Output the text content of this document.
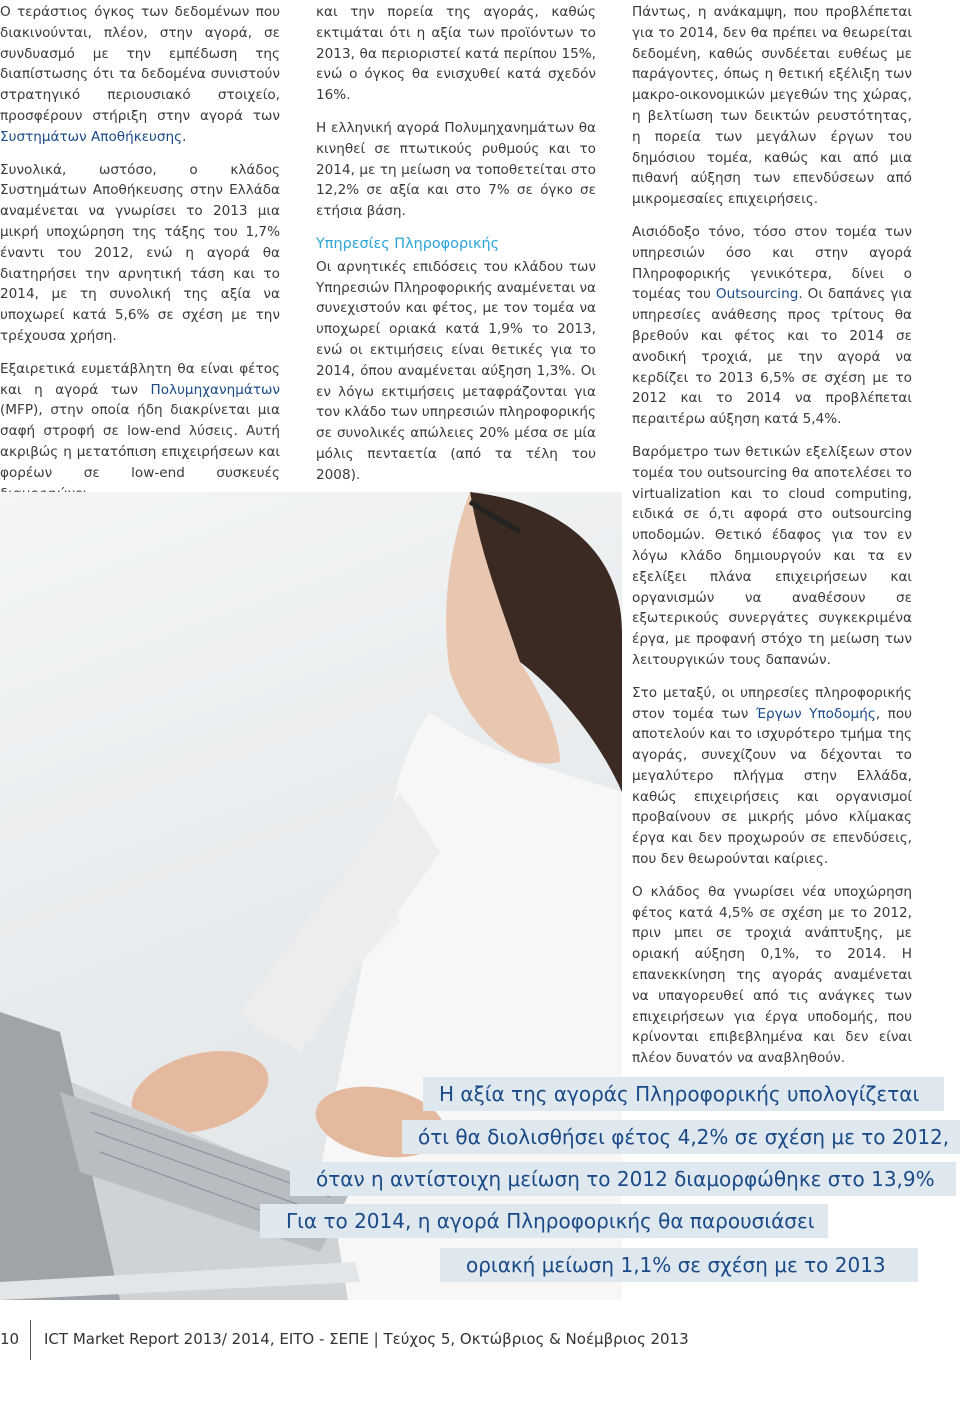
Ο τεράστιος όγκος των δεδομένων που διακινούνται, πλέον, στην αγορά, σε συνδυασμό με την εμπέδωση της διαπίστωσης ότι τα δεδομένα συνιστούν στρατηγικό περιουσιακό στοιχείο, προσφέρουν στήριξη στην αγορά των Συστημάτων Αποθήκευσης.

Συνολικά, ωστόσο, ο κλάδος Συστημάτων Αποθήκευσης στην Ελλάδα αναμένεται να γνωρίσει το 2013 μια μικρή υποχώρηση της τάξης του 1,7% έναντι του 2012, ενώ η αγορά θα διατηρήσει την αρνητική τάση και το 2014, με τη συνολική της αξία να υποχωρεί κατά 5,6% σε σχέση με την τρέχουσα χρήση.

Εξαιρετικά ευμετάβλητη θα είναι φέτος και η αγορά των Πολυμηχανημάτων (MFP), στην οποία ήδη διακρίνεται μια σαφή στροφή σε low-end λύσεις. Αυτή ακριβώς η μετατόπιση επιχειρήσεων και φορέων σε low-end συσκευές

και την πορεία της αγοράς, καθώς εκτιμάται ότι η αξία των προϊόντων το 2013, θα περιοριστεί κατά περίπου 15%, ενώ ο όγκος θα ενισχυθεί κατά σχεδόν 16%.

Η ελληνική αγορά Πολυμηχανημάτων θα κινηθεί σε πτωτικούς ρυθμούς και το 2014, με τη μείωση να τοποθετείται στο 12,2% σε αξία και στο 7% σε όγκο σε ετήσια βάση.

Υπηρεσίες Πληροφορικής

Οι αρνητικές επιδόσεις του κλάδου των Υπηρεσιών Πληροφορικής αναμένεται να συνεχιστούν και φέτος, με τον τομέα να υποχωρεί οριακά κατά 1,9% το 2013, ενώ οι εκτιμήσεις είναι θετικές για το 2014, όπου αναμένεται αύξηση 1,3%. Οι εν λόγω εκτιμήσεις μεταφράζονται για τον κλάδο των υπηρεσιών πληροφορικής σε συνολικές απώλειες 20% μέσα σε μία μόλις πενταετία (από τα τέλη του 2008).

Πάντως, η ανάκαμψη, που προβλέπεται για το 2014, δεν θα πρέπει να θεωρείται δεδομένη, καθώς συνδέεται ευθέως με παράγοντες, όπως η θετική εξέλιξη των μακρο-οικονομικών μεγεθών της χώρας, η βελτίωση των δεικτών ρευστότητας, η πορεία των μεγάλων έργων του δημόσιου τομέα, καθώς και από μια πιθανή αύξηση των επενδύσεων από μικρομεσαίες επιχειρήσεις.

Αισιόδοξο τόνο, τόσο στον τομέα των υπηρεσιών όσο και στην αγορά Πληροφορικής γενικότερα, δίνει ο τομέας του Outsourcing. Οι δαπάνες για υπηρεσίες ανάθεσης προς τρίτους θα βρεθούν και φέτος και το 2014 σε ανοδική τροχιά, με την αγορά να κερδίζει το 2013 6,5% σε σχέση με το 2012 και το 2014 να προβλέπεται περαιτέρω αύξηση κατά 5,4%.

Βαρόμετρο των θετικών εξελίξεων στον τομέα του outsourcing θα αποτελέσει το virtualization και το cloud computing, ειδικά σε ό,τι αφορά στο outsourcing υποδομών. Θετικό έδαφος για τον εν λόγω κλάδο δημιουργούν και τα εν εξελίξει πλάνα επιχειρήσεων και οργανισμών να αναθέσουν σε εξωτερικούς συνεργάτες συγκεκριμένα έργα, με προφανή στόχο τη μείωση των λειτουργικών τους δαπανών.

Στο μεταξύ, οι υπηρεσίες πληροφορικής στον τομέα των Έργων Υποδομής, που αποτελούν και το ισχυρότερο τμήμα της αγοράς, συνεχίζουν να δέχονται το μεγαλύτερο πλήγμα στην Ελλάδα, καθώς επιχειρήσεις και οργανισμοί προβαίνουν σε μικρής μόνο κλίμακας έργα και δεν προχωρούν σε επενδύσεις, που δεν θεωρούνται καίριες.

Ο κλάδος θα γνωρίσει νέα υποχώρηση φέτος κατά 4,5% σε σχέση με το 2012, πριν μπει σε τροχιά ανάπτυξης, με οριακή αύξηση 0,1%, το 2014. Η επανεκκίνηση της αγοράς αναμένεται να υπαγορευθεί από τις ανάγκες των επιχειρήσεων για έργα υποδομής, που κρίνονται επιβεβλημένα και δεν είναι πλέον δυνατόν να αναβληθούν.

Η αξία της αγοράς Πληροφορικής υπολογίζεται
ότι θα διολισθήσει φέτος 4,2% σε σχέση με το 2012,
όταν η αντίστοιχη μείωση το 2012 διαμορφώθηκε στο 13,9%
Για το 2014, η αγορά Πληροφορικής θα παρουσιάσει
οριακή μείωση 1,1% σε σχέση με το 2013
10 ICT Market Report 2013/ 2014, ΕΙΤΟ - ΣΕΠΕ | Τεύχος 5, Οκτώβριος & Νοέμβριος 2013
